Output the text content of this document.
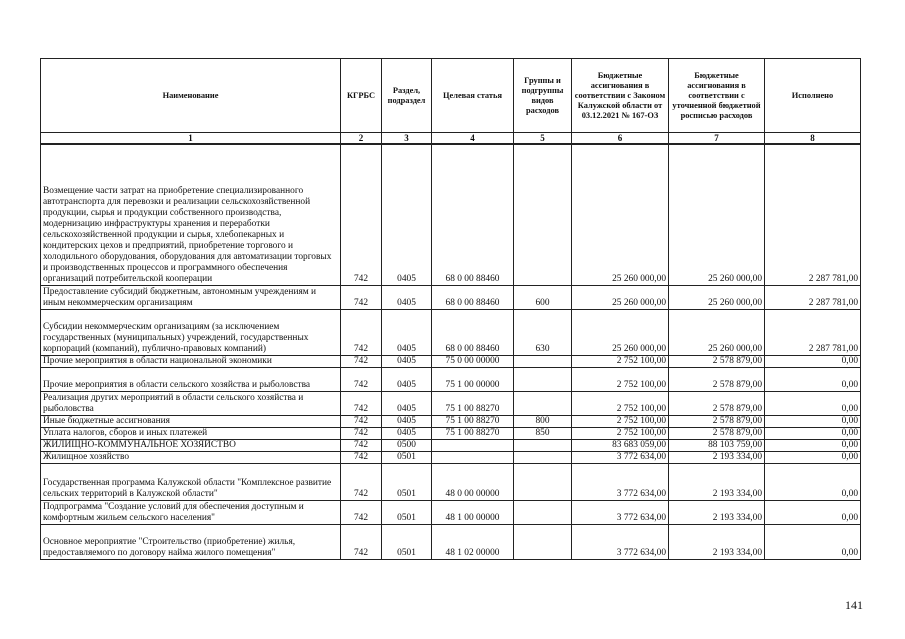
Наименование	КГРБС	Раздел, подраздел	Целевая статья	Группы и подгруппы видов расходов	Бюджетные ассигнования в соответствии с Законом Калужской области от 03.12.2021 № 167-ОЗ	Бюджетные ассигнования в соответствии с уточненной бюджетной росписью расходов	Исполнено
1	2	3	4	5	6	7	8
Возмещение части затрат на приобретение специализированного автотранспорта для перевозки и реализации сельскохозяйственной продукции, сырья и продукции собственного производства, модернизацию инфраструктуры хранения и переработки сельскохозяйственной продукции и сырья, хлебопекарных и кондитерских цехов и предприятий, приобретение торгового и холодильного оборудования, оборудования для автоматизации торговых и производственных процессов и программного обеспечения организаций потребительской кооперации	742	0405	68 0 00 88460		25 260 000,00	25 260 000,00	2 287 781,00
Предоставление субсидий бюджетным, автономным учреждениям и иным некоммерческим организациям	742	0405	68 0 00 88460	600	25 260 000,00	25 260 000,00	2 287 781,00
Субсидии некоммерческим организациям (за исключением государственных (муниципальных) учреждений, государственных корпораций (компаний), публично-правовых компаний)	742	0405	68 0 00 88460	630	25 260 000,00	25 260 000,00	2 287 781,00
Прочие мероприятия в области национальной экономики	742	0405	75 0 00 00000		2 752 100,00	2 578 879,00	0,00
Прочие мероприятия в области сельского хозяйства и рыболовства	742	0405	75 1 00 00000		2 752 100,00	2 578 879,00	0,00
Реализация других мероприятий в области сельского хозяйства и рыболовства	742	0405	75 1 00 88270		2 752 100,00	2 578 879,00	0,00
Иные бюджетные ассигнования	742	0405	75 1 00 88270	800	2 752 100,00	2 578 879,00	0,00
Уплата налогов, сборов и иных платежей	742	0405	75 1 00 88270	850	2 752 100,00	2 578 879,00	0,00
ЖИЛИЩНО-КОММУНАЛЬНОЕ ХОЗЯЙСТВО	742	0500			83 683 059,00	88 103 759,00	0,00
Жилищное хозяйство	742	0501			3 772 634,00	2 193 334,00	0,00
Государственная программа Калужской области "Комплексное развитие сельских территорий в Калужской области"	742	0501	48 0 00 00000		3 772 634,00	2 193 334,00	0,00
Подпрограмма "Создание условий для обеспечения доступным и комфортным жильем сельского населения"	742	0501	48 1 00 00000		3 772 634,00	2 193 334,00	0,00
Основное мероприятие "Строительство (приобретение) жилья, предоставляемого по договору найма жилого помещения"	742	0501	48 1 02 00000		3 772 634,00	2 193 334,00	0,00
141
